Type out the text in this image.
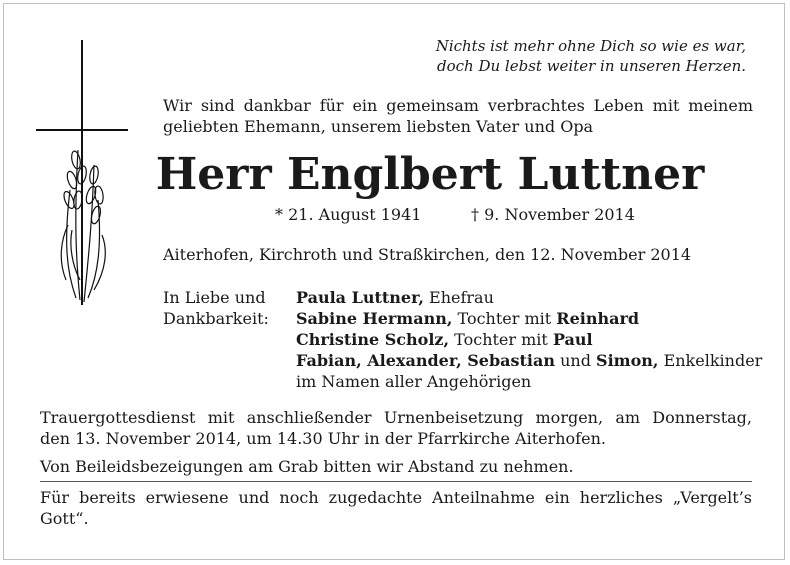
Nichts ist mehr ohne Dich so wie es war,
doch Du lebst weiter in unseren Herzen.
Wir sind dankbar für ein gemeinsam verbrachtes Leben mit meinem
geliebten Ehemann, unserem liebsten Vater und Opa
Herr Englbert Luttner
* 21. August 1941	† 9. November 2014
Aiterhofen, Kirchroth und Straßkirchen, den 12. November 2014
In Liebe und
Dankbarkeit:
Paula Luttner, Ehefrau
Sabine Hermann, Tochter mit Reinhard
Christine Scholz, Tochter mit Paul
Fabian, Alexander, Sebastian und Simon, Enkelkinder
im Namen aller Angehörigen
Trauergottesdienst mit anschließender Urnenbeisetzung morgen, am Donnerstag,
den 13. November 2014, um 14.30 Uhr in der Pfarrkirche Aiterhofen.
Von Beileidsbezeigungen am Grab bitten wir Abstand zu nehmen.
Für bereits erwiesene und noch zugedachte Anteilnahme ein herzliches „Vergelt’s
Gott“.
